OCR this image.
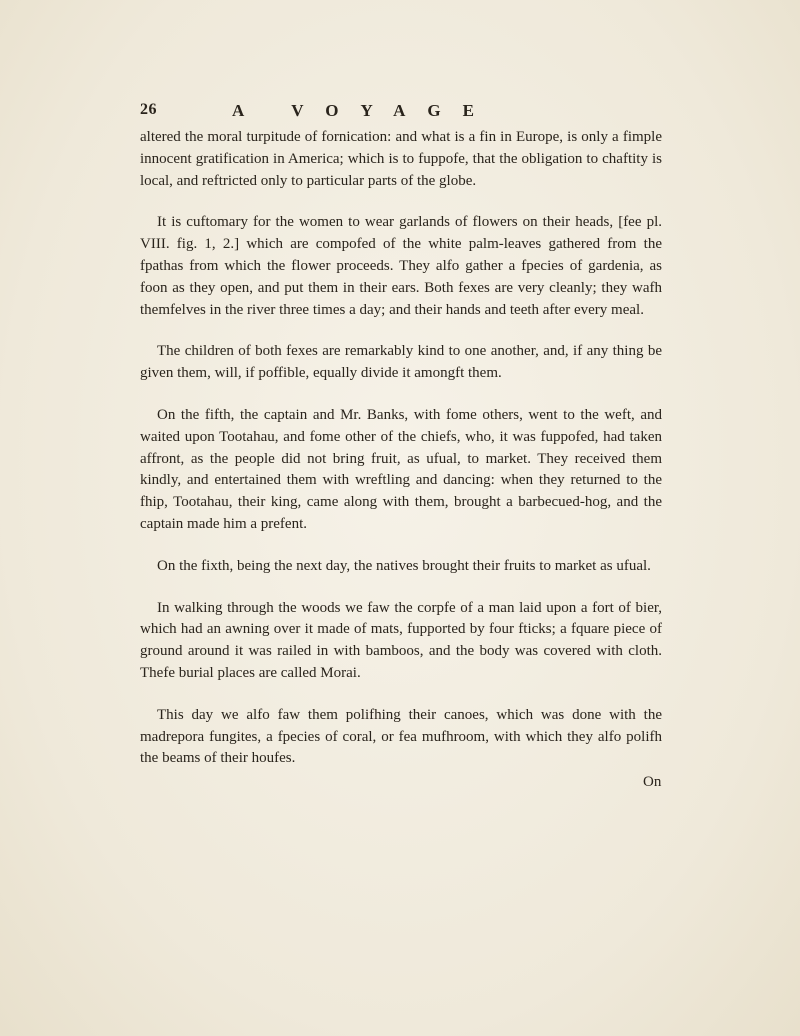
26	A VOYAGE

altered the moral turpitude of fornication: and what is a fin in Europe, is only a fimple innocent gratification in America; which is to fuppofe, that the obligation to chaftity is local, and reftricted only to particular parts of the globe.

It is cuftomary for the women to wear garlands of flowers on their heads, [fee pl. VIII. fig. 1, 2.] which are compofed of the white palm-leaves gathered from the fpathas from which the flower proceeds. They alfo gather a fpecies of gardenia, as foon as they open, and put them in their ears. Both fexes are very cleanly; they wafh themfelves in the river three times a day; and their hands and teeth after every meal.

The children of both fexes are remarkably kind to one another, and, if any thing be given them, will, if poffible, equally divide it amongft them.

On the fifth, the captain and Mr. Banks, with fome others, went to the weft, and waited upon Tootahau, and fome other of the chiefs, who, it was fuppofed, had taken affront, as the people did not bring fruit, as ufual, to market. They received them kindly, and entertained them with wreftling and dancing: when they returned to the fhip, Tootahau, their king, came along with them, brought a barbecued-hog, and the captain made him a prefent.

On the fixth, being the next day, the natives brought their fruits to market as ufual.

In walking through the woods we faw the corpfe of a man laid upon a fort of bier, which had an awning over it made of mats, fupported by four fticks; a fquare piece of ground around it was railed in with bamboos, and the body was covered with cloth. Thefe burial places are called Morai.

This day we alfo faw them polifhing their canoes, which was done with the madrepora fungites, a fpecies of coral, or fea mufhroom, with which they alfo polifh the beams of their houfes.

On
